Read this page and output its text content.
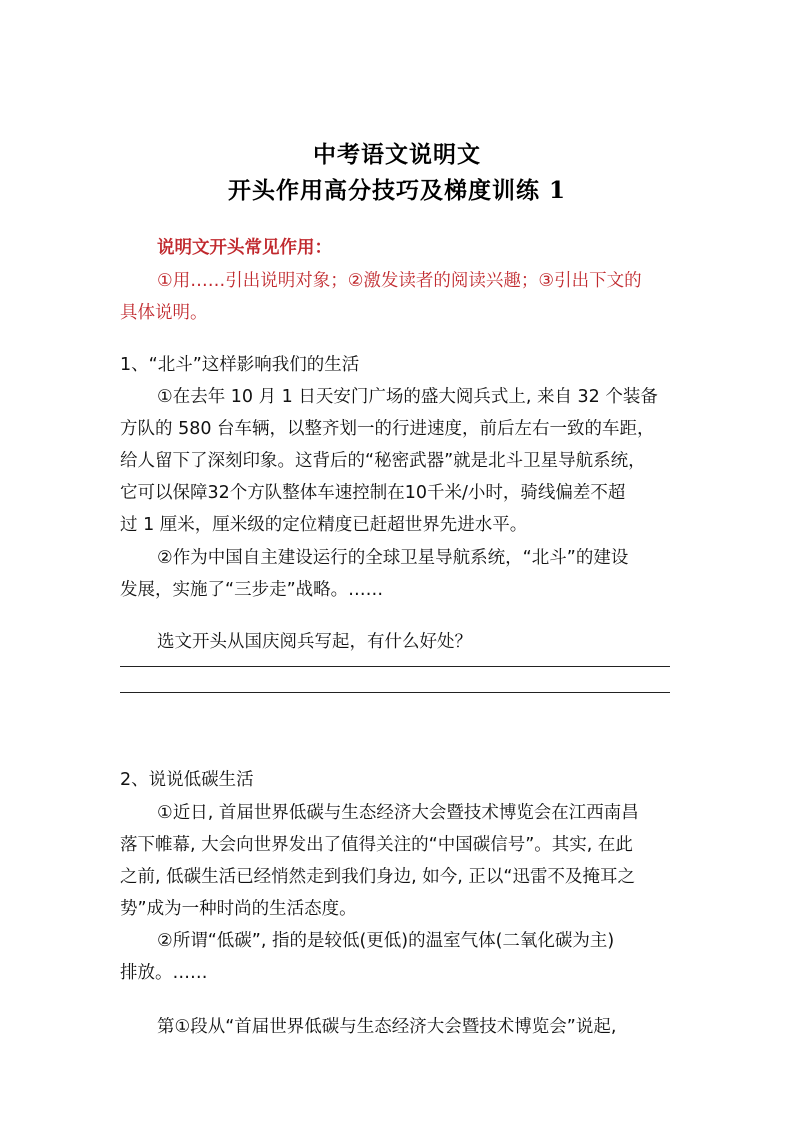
中考语文说明文
开头作用高分技巧及梯度训练 1
说明文开头常见作用：
①用……引出说明对象；②激发读者的阅读兴趣；③引出下文的
具体说明。
1、“北斗”这样影响我们的生活
①在去年 10 月 1 日天安门广场的盛大阅兵式上, 来自 32 个装备
方队的 580 台车辆，以整齐划一的行进速度，前后左右一致的车距，
给人留下了深刻印象。这背后的“秘密武器”就是北斗卫星导航系统，
它可以保障32个方队整体车速控制在10千米/小时，骑线偏差不超
过 1 厘米，厘米级的定位精度已赶超世界先进水平。
②作为中国自主建设运行的全球卫星导航系统，“北斗”的建设
发展，实施了“三步走”战略。……
选文开头从国庆阅兵写起，有什么好处？
2、说说低碳生活
①近日, 首届世界低碳与生态经济大会暨技术博览会在江西南昌
落下帷幕, 大会向世界发出了值得关注的“中国碳信号”。其实, 在此
之前, 低碳生活已经悄然走到我们身边, 如今, 正以“迅雷不及掩耳之
势”成为一种时尚的生活态度。
②所谓“低碳”, 指的是较低(更低)的温室气体(二氧化碳为主)
排放。……
第①段从“首届世界低碳与生态经济大会暨技术博览会”说起,
